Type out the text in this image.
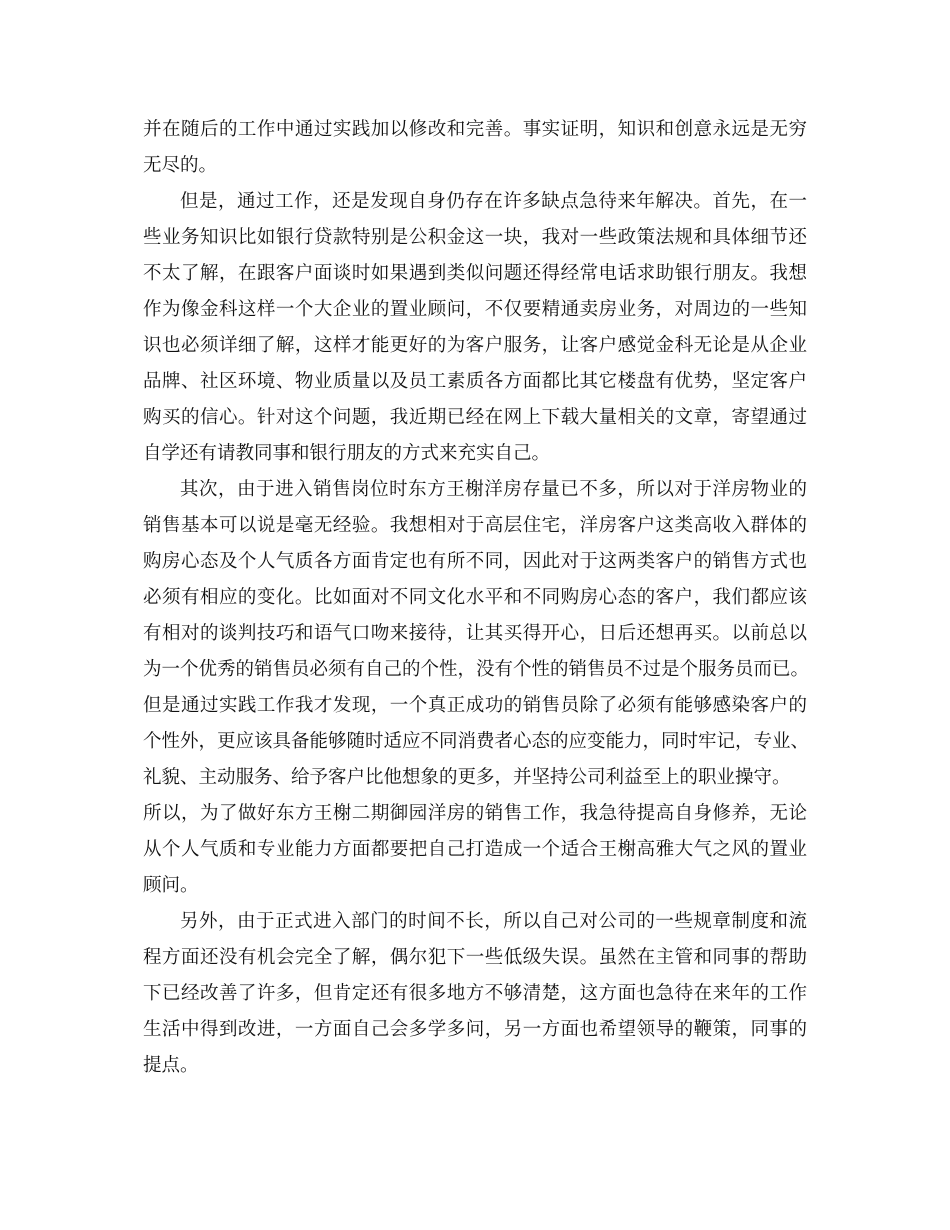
并在随后的工作中通过实践加以修改和完善。事实证明，知识和创意永远是无穷
无尽的。
但是，通过工作，还是发现自身仍存在许多缺点急待来年解决。首先，在一
些业务知识比如银行贷款特别是公积金这一块，我对一些政策法规和具体细节还
不太了解，在跟客户面谈时如果遇到类似问题还得经常电话求助银行朋友。我想
作为像金科这样一个大企业的置业顾问，不仅要精通卖房业务，对周边的一些知
识也必须详细了解，这样才能更好的为客户服务，让客户感觉金科无论是从企业
品牌、社区环境、物业质量以及员工素质各方面都比其它楼盘有优势，坚定客户
购买的信心。针对这个问题，我近期已经在网上下载大量相关的文章，寄望通过
自学还有请教同事和银行朋友的方式来充实自己。
其次，由于进入销售岗位时东方王榭洋房存量已不多，所以对于洋房物业的
销售基本可以说是毫无经验。我想相对于高层住宅，洋房客户这类高收入群体的
购房心态及个人气质各方面肯定也有所不同，因此对于这两类客户的销售方式也
必须有相应的变化。比如面对不同文化水平和不同购房心态的客户，我们都应该
有相对的谈判技巧和语气口吻来接待，让其买得开心，日后还想再买。以前总以
为一个优秀的销售员必须有自己的个性，没有个性的销售员不过是个服务员而已。
但是通过实践工作我才发现，一个真正成功的销售员除了必须有能够感染客户的
个性外，更应该具备能够随时适应不同消费者心态的应变能力，同时牢记，专业、
礼貌、主动服务、给予客户比他想象的更多，并坚持公司利益至上的职业操守。
所以，为了做好东方王榭二期御园洋房的销售工作，我急待提高自身修养，无论
从个人气质和专业能力方面都要把自己打造成一个适合王榭高雅大气之风的置业
顾问。
另外，由于正式进入部门的时间不长，所以自己对公司的一些规章制度和流
程方面还没有机会完全了解，偶尔犯下一些低级失误。虽然在主管和同事的帮助
下已经改善了许多，但肯定还有很多地方不够清楚，这方面也急待在来年的工作
生活中得到改进，一方面自己会多学多问，另一方面也希望领导的鞭策，同事的
提点。
